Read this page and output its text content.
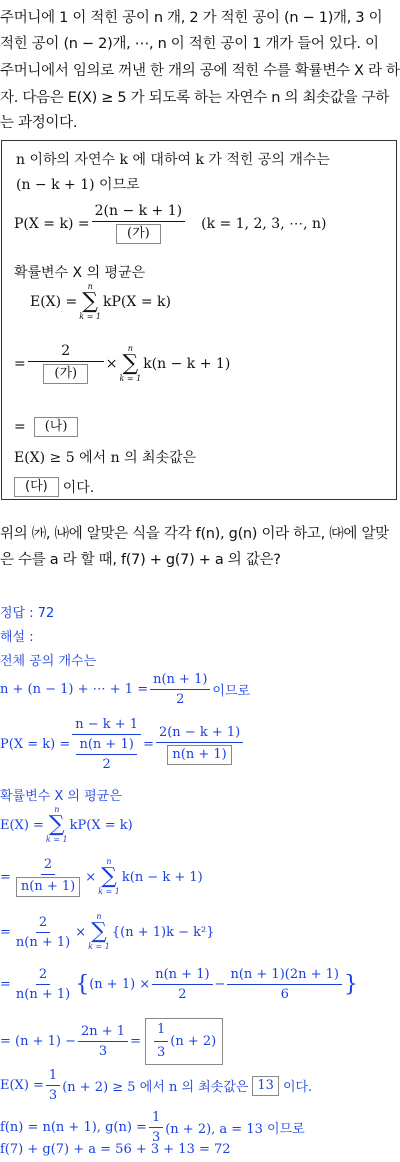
주머니에 1 이 적힌 공이 n 개, 2 가 적힌 공이 (n − 1)개, 3 이
적힌 공이 (n − 2)개, ⋯, n 이 적힌 공이 1 개가 들어 있다. 이
주머니에서 임의로 꺼낸 한 개의 공에 적힌 수를 확률변수 X 라 하
자. 다음은 E(X) ≥ 5 가 되도록 하는 자연수 n 의 최솟값을 구하
는 과정이다.
n 이하의 자연수 k 에 대하여 k 가 적힌 공의 개수는
(n − k + 1) 이므로
$P(X = k) = \frac{2(n - k + 1)}{\text{(가)}} (k = 1$, 2, 3, ⋯, n)
확률변수 X 의 평균은
E(X) =
n
∑
k = 1
kP(X = k)
= $\frac{2}{\text{(가)}}$ ×
n
∑
k = 1
k(n − k + 1)
=	(나)
E(X) ≥ 5 에서 n 의 최솟값은
(다)	이다.
위의 ㈎, ㈏에 알맞은 식을 각각 f(n), g(n) 이라 하고, ㈐에 알맞
은 수를 a 라 할 때, f(7) + g(7) + a 의 값은?
정답 : 72
해설 :
전체 공의 개수는
n + (n − 1) + ⋯ + $1 = \frac{n(n + 1)}{2}$ 이므로
$P(X = k) = \frac{n - k + 1}{\frac{n(n + 1)}{2}} = \frac{2(n - k + 1)}{n(n + 1)}$
확률변수 X 의 평균은
E(X) =
n
∑
k = 1
kP(X = k)
= $\frac{2}{n(n + 1)}$ ×
n
∑
k = 1
k(n − k + 1)
= $\frac{2}{n(n + 1)}$ ×
n
∑
k = 1
{(n + 1)k − k²}
= $\frac{2}{n(n + 1)}$ { $(n + 1) \times \frac{n(n + 1)}{2} - \frac{n(n + 1)(2n + 1)}{6}$ }
= $(n + 1) - \frac{2n + 1}{3} = \frac{1}{3} (n + 2)$
$E(X) = \frac{1}{3} (n + 2) \ge 5$ 에서 n 의 최솟값은 13 이다.
f(n) = n(n + 1), $g(n) = \frac{1}{3} (n + 2)$, a = 13 이므로
f(7) + g(7) + a = 56 + 3 + 13 = 72
